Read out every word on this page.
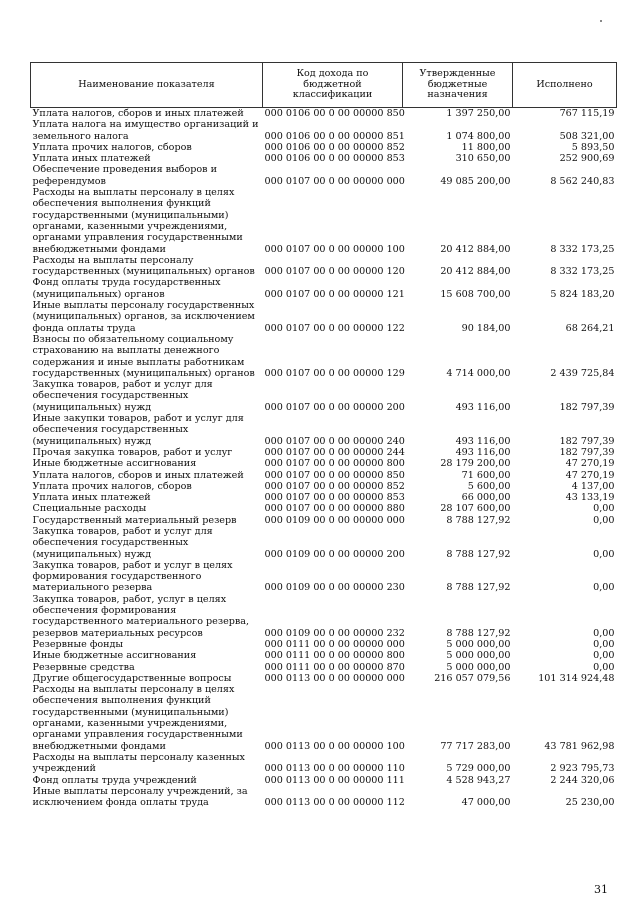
Наименование показателя	Код дохода по бюджетной классификации	Утвержденные бюджетные назначения	Исполнено
Уплата налогов, сборов и иных платежей	000 0106 00 0 00 00000 850	1 397 250,00	767 115,19
Уплата налога на имущество организаций и земельного налога	000 0106 00 0 00 00000 851	1 074 800,00	508 321,00
Уплата прочих налогов, сборов	000 0106 00 0 00 00000 852	11 800,00	5 893,50
Уплата иных платежей	000 0106 00 0 00 00000 853	310 650,00	252 900,69
Обеспечение проведения выборов и референдумов	000 0107 00 0 00 00000 000	49 085 200,00	8 562 240,83
Расходы на выплаты персоналу в целях обеспечения выполнения функций государственными (муниципальными) органами, казенными учреждениями, органами управления государственными внебюджетными фондами	000 0107 00 0 00 00000 100	20 412 884,00	8 332 173,25
Расходы на выплаты персоналу государственных (муниципальных) органов	000 0107 00 0 00 00000 120	20 412 884,00	8 332 173,25
Фонд оплаты труда государственных (муниципальных) органов	000 0107 00 0 00 00000 121	15 608 700,00	5 824 183,20
Иные выплаты персоналу государственных (муниципальных) органов, за исключением фонда оплаты труда	000 0107 00 0 00 00000 122	90 184,00	68 264,21
Взносы по обязательному социальному страхованию на выплаты денежного содержания и иные выплаты работникам государственных (муниципальных) органов	000 0107 00 0 00 00000 129	4 714 000,00	2 439 725,84
Закупка товаров, работ и услуг для обеспечения государственных (муниципальных) нужд	000 0107 00 0 00 00000 200	493 116,00	182 797,39
Иные закупки товаров, работ и услуг для обеспечения государственных (муниципальных) нужд	000 0107 00 0 00 00000 240	493 116,00	182 797,39
Прочая закупка товаров, работ и услуг	000 0107 00 0 00 00000 244	493 116,00	182 797,39
Иные бюджетные ассигнования	000 0107 00 0 00 00000 800	28 179 200,00	47 270,19
Уплата налогов, сборов и иных платежей	000 0107 00 0 00 00000 850	71 600,00	47 270,19
Уплата прочих налогов, сборов	000 0107 00 0 00 00000 852	5 600,00	4 137,00
Уплата иных платежей	000 0107 00 0 00 00000 853	66 000,00	43 133,19
Специальные расходы	000 0107 00 0 00 00000 880	28 107 600,00	0,00
Государственный материальный резерв	000 0109 00 0 00 00000 000	8 788 127,92	0,00
Закупка товаров, работ и услуг для обеспечения государственных (муниципальных) нужд	000 0109 00 0 00 00000 200	8 788 127,92	0,00
Закупка товаров, работ и услуг в целях формирования государственного материального резерва	000 0109 00 0 00 00000 230	8 788 127,92	0,00
Закупка товаров, работ, услуг в целях обеспечения формирования государственного материального резерва, резервов материальных ресурсов	000 0109 00 0 00 00000 232	8 788 127,92	0,00
Резервные фонды	000 0111 00 0 00 00000 000	5 000 000,00	0,00
Иные бюджетные ассигнования	000 0111 00 0 00 00000 800	5 000 000,00	0,00
Резервные средства	000 0111 00 0 00 00000 870	5 000 000,00	0,00
Другие общегосударственные вопросы	000 0113 00 0 00 00000 000	216 057 079,56	101 314 924,48
Расходы на выплаты персоналу в целях обеспечения выполнения функций государственными (муниципальными) органами, казенными учреждениями, органами управления государственными внебюджетными фондами	000 0113 00 0 00 00000 100	77 717 283,00	43 781 962,98
Расходы на выплаты персоналу казенных учреждений	000 0113 00 0 00 00000 110	5 729 000,00	2 923 795,73
Фонд оплаты труда учреждений	000 0113 00 0 00 00000 111	4 528 943,27	2 244 320,06
Иные выплаты персоналу учреждений, за исключением фонда оплаты труда	000 0113 00 0 00 00000 112	47 000,00	25 230,00
31
